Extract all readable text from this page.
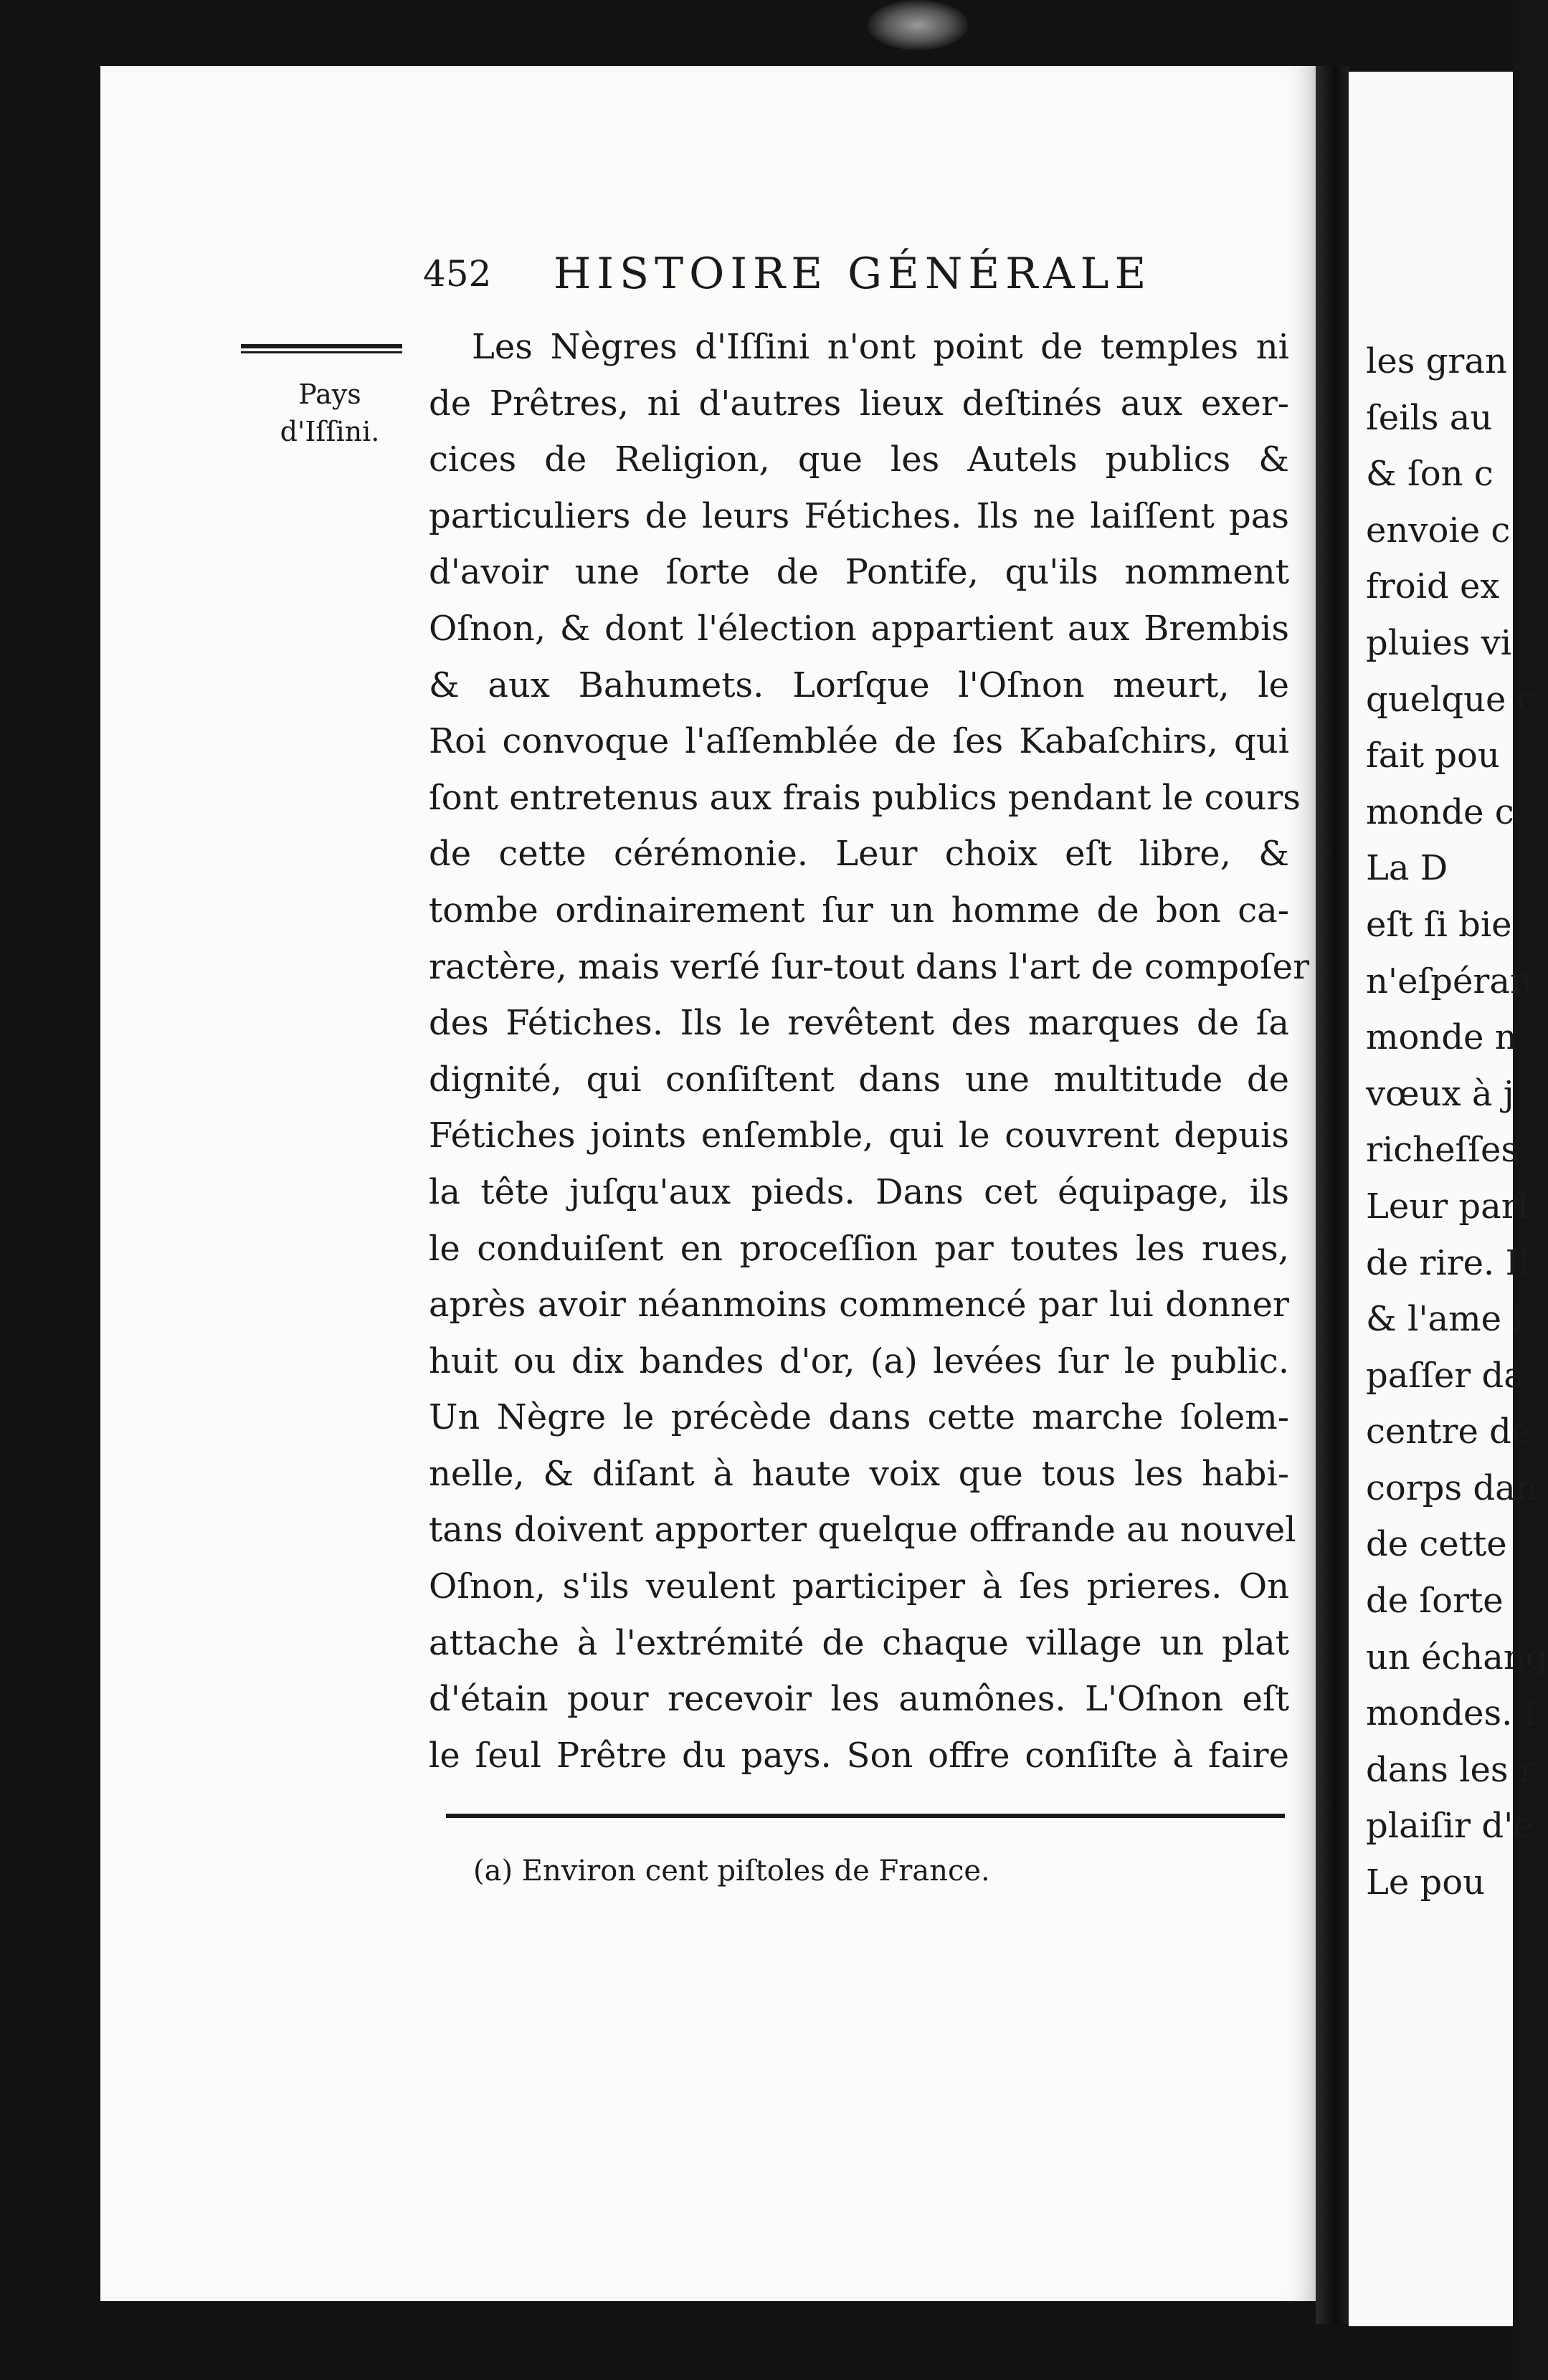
les gran
ſeils au
& ſon c
envoie c
froid ex
pluies vi
quelque c
fait pou
monde c
La D
eſt ſi bie
n'eſpéran
monde n
vœux à j
richeſſes
Leur parl
de rire. Il
& l'ame i
paſſer da
centre de
corps dan
de cette
de ſorte
un échang
mondes. I
dans les r
plaiſir d'ê
Le pou
452 HISTOIRE GÉNÉRALE
Pays
d'Iſſini.
Les Nègres d'Iſſini n'ont point de temples ni
de Prêtres, ni d'autres lieux deſtinés aux exer-
cices de Religion, que les Autels publics &
particuliers de leurs Fétiches. Ils ne laiſſent pas
d'avoir une ſorte de Pontife, qu'ils nomment
Oſnon, & dont l'élection appartient aux Brembis
& aux Bahumets. Lorſque l'Oſnon meurt, le
Roi convoque l'aſſemblée de ſes Kabaſchirs, qui
ſont entretenus aux frais publics pendant le cours
de cette cérémonie. Leur choix eſt libre, &
tombe ordinairement ſur un homme de bon ca-
ractère, mais verſé ſur-tout dans l'art de compoſer
des Fétiches. Ils le revêtent des marques de ſa
dignité, qui conſiſtent dans une multitude de
Fétiches joints enſemble, qui le couvrent depuis
la tête juſqu'aux pieds. Dans cet équipage, ils
le conduiſent en proceſſion par toutes les rues,
après avoir néanmoins commencé par lui donner
huit ou dix bandes d'or, (a) levées ſur le public.
Un Nègre le précède dans cette marche ſolem-
nelle, & diſant à haute voix que tous les habi-
tans doivent apporter quelque offrande au nouvel
Oſnon, s'ils veulent participer à ſes prieres. On
attache à l'extrémité de chaque village un plat
d'étain pour recevoir les aumônes. L'Oſnon eſt
le ſeul Prêtre du pays. Son offre conſiſte à faire
(a) Environ cent piſtoles de France.
